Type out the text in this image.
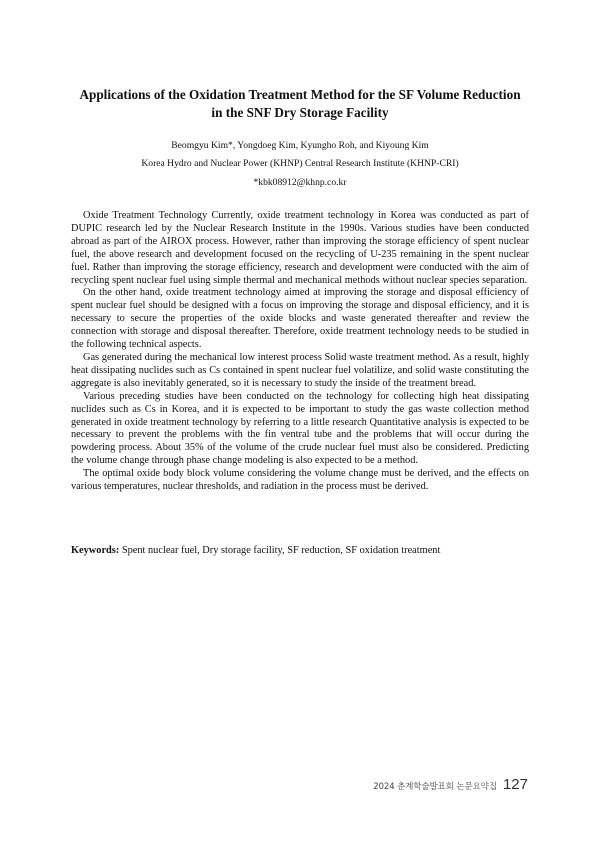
Applications of the Oxidation Treatment Method for the SF Volume Reduction
in the SNF Dry Storage Facility
Beomgyu Kim*, Yongdoeg Kim, Kyungho Roh, and Kiyoung Kim
Korea Hydro and Nuclear Power (KHNP) Central Research Institute (KHNP-CRI)
*kbk08912@khnp.co.kr

Oxide Treatment Technology Currently, oxide treatment technology in Korea was conducted as part of DUPIC research led by the Nuclear Research Institute in the 1990s. Various studies have been conducted abroad as part of the AIROX process. However, rather than improving the storage efficiency of spent nuclear fuel, the above research and development focused on the recycling of U-235 remaining in the spent nuclear fuel. Rather than improving the storage efficiency, research and development were conducted with the aim of recycling spent nuclear fuel using simple thermal and mechanical methods without nuclear species separation.

On the other hand, oxide treatment technology aimed at improving the storage and disposal efficiency of spent nuclear fuel should be designed with a focus on improving the storage and disposal efficiency, and it is necessary to secure the properties of the oxide blocks and waste generated thereafter and review the connection with storage and disposal thereafter. Therefore, oxide treatment technology needs to be studied in the following technical aspects.

Gas generated during the mechanical low interest process Solid waste treatment method. As a result, highly heat dissipating nuclides such as Cs contained in spent nuclear fuel volatilize, and solid waste constituting the aggregate is also inevitably generated, so it is necessary to study the inside of the treatment bread.

Various preceding studies have been conducted on the technology for collecting high heat dissipating nuclides such as Cs in Korea, and it is expected to be important to study the gas waste collection method generated in oxide treatment technology by referring to a little research Quantitative analysis is expected to be necessary to prevent the problems with the fin ventral tube and the problems that will occur during the powdering process. About 35% of the volume of the crude nuclear fuel must also be considered. Predicting the volume change through phase change modeling is also expected to be a method.

The optimal oxide body block volume considering the volume change must be derived, and the effects on various temperatures, nuclear thresholds, and radiation in the process must be derived.

Keywords: Spent nuclear fuel, Dry storage facility, SF reduction, SF oxidation treatment
2024 춘계학술발표회 논문요약집 127
